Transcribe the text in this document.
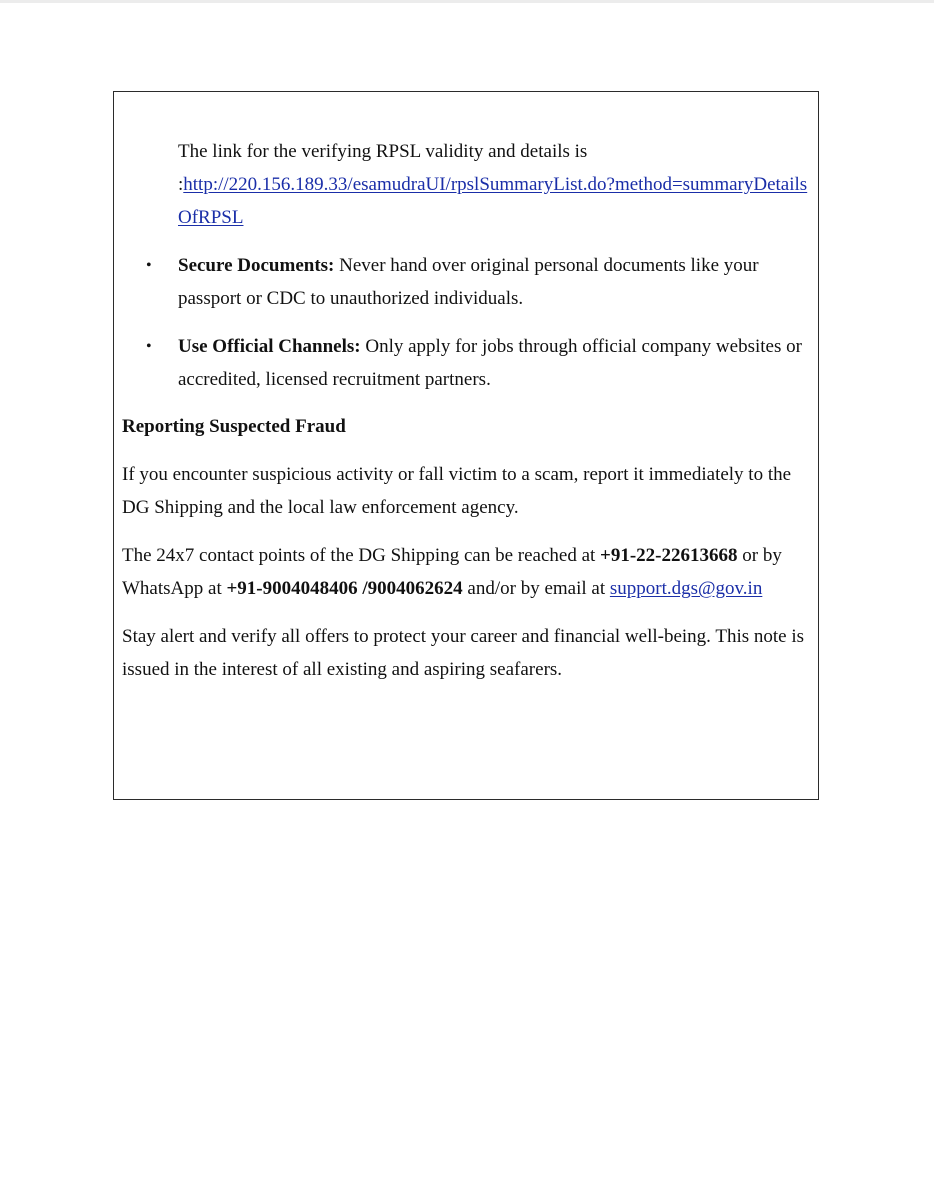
The link for the verifying RPSL validity and details is
:http://220.156.189.33/esamudraUI/rpslSummaryList.do?method=summaryDetails
OfRPSL
• Secure Documents: Never hand over original personal documents like your
passport or CDC to unauthorized individuals.
• Use Official Channels: Only apply for jobs through official company websites or
accredited, licensed recruitment partners.
Reporting Suspected Fraud
If you encounter suspicious activity or fall victim to a scam, report it immediately to the
DG Shipping and the local law enforcement agency.
The 24x7 contact points of the DG Shipping can be reached at +91-22-22613668 or by
WhatsApp at +91-9004048406 /9004062624 and/or by email at support.dgs@gov.in
Stay alert and verify all offers to protect your career and financial well-being. This note is
issued in the interest of all existing and aspiring seafarers.
